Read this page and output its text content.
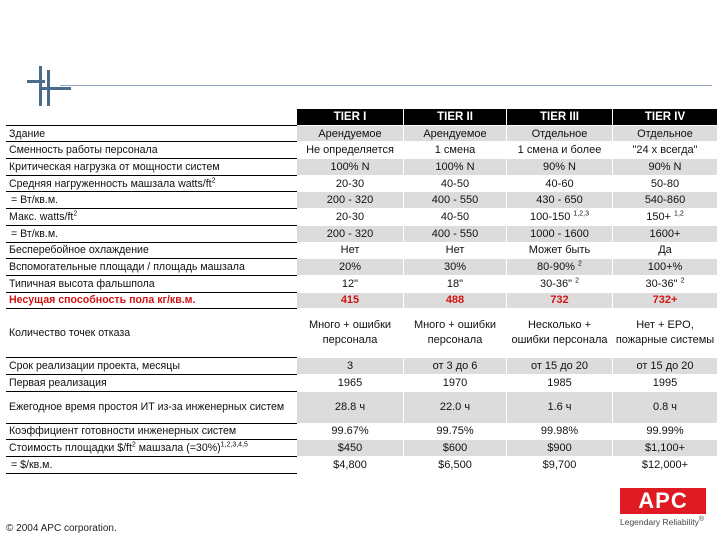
	TIER I	TIER II	TIER III	TIER IV
Здание	Арендуемое	Арендуемое	Отдельное	Отдельное
Сменность работы персонала	Не определяется	1 смена	1 смена и более	"24 x всегда"
Критическая нагрузка от мощности систем	100% N	100% N	90% N	90% N
Средняя нагруженность машзала watts/$ft^2$	20-30	40-50	40-60	50-80
= Вт/кв.м.	200 - 320	400 - 550	430 - 650	540-860
Макс. watts/$ft^2$	20-30	40-50	100-150 $^{1,2,3}$	150+ $^{1,2}$
= Вт/кв.м.	200 - 320	400 - 550	1000 - 1600	1600+
Бесперебойное охлаждение	Нет	Нет	Может быть	Да
Вспомогательные площади / площадь машзала	20%	30%	80-90% $^2$	100+%
Типичная высота фальшпола	12"	18"	30-36" $^2$	30-36" $^2$
Несущая способность пола кг/кв.м.	415	488	732	732+
Количество точек отказа	Много + ошибки персонала	Много + ошибки персонала	Несколько + ошибки персонала	Нет + EPO, пожарные системы
Срок реализации проекта, месяцы	3	от 3 до 6	от 15 до 20	от 15 до 20
Первая реализация	1965	1970	1985	1995
Ежегодное время простоя ИТ из-за инженерных систем	28.8 ч	22.0 ч	1.6 ч	0.8 ч
Коэффициент готовности инженерных систем	99.67%	99.75%	99.98%	99.99%
Стоимость площадки $\$/ft^2$ машзала (=30%)$^{1,2,3,4,5}$	$450	$600	$900	$1,100+
= $/кв.м.	$4,800	$6,500	$9,700	$12,000+
APC
Legendary Reliability®
© 2004 APC corporation.
